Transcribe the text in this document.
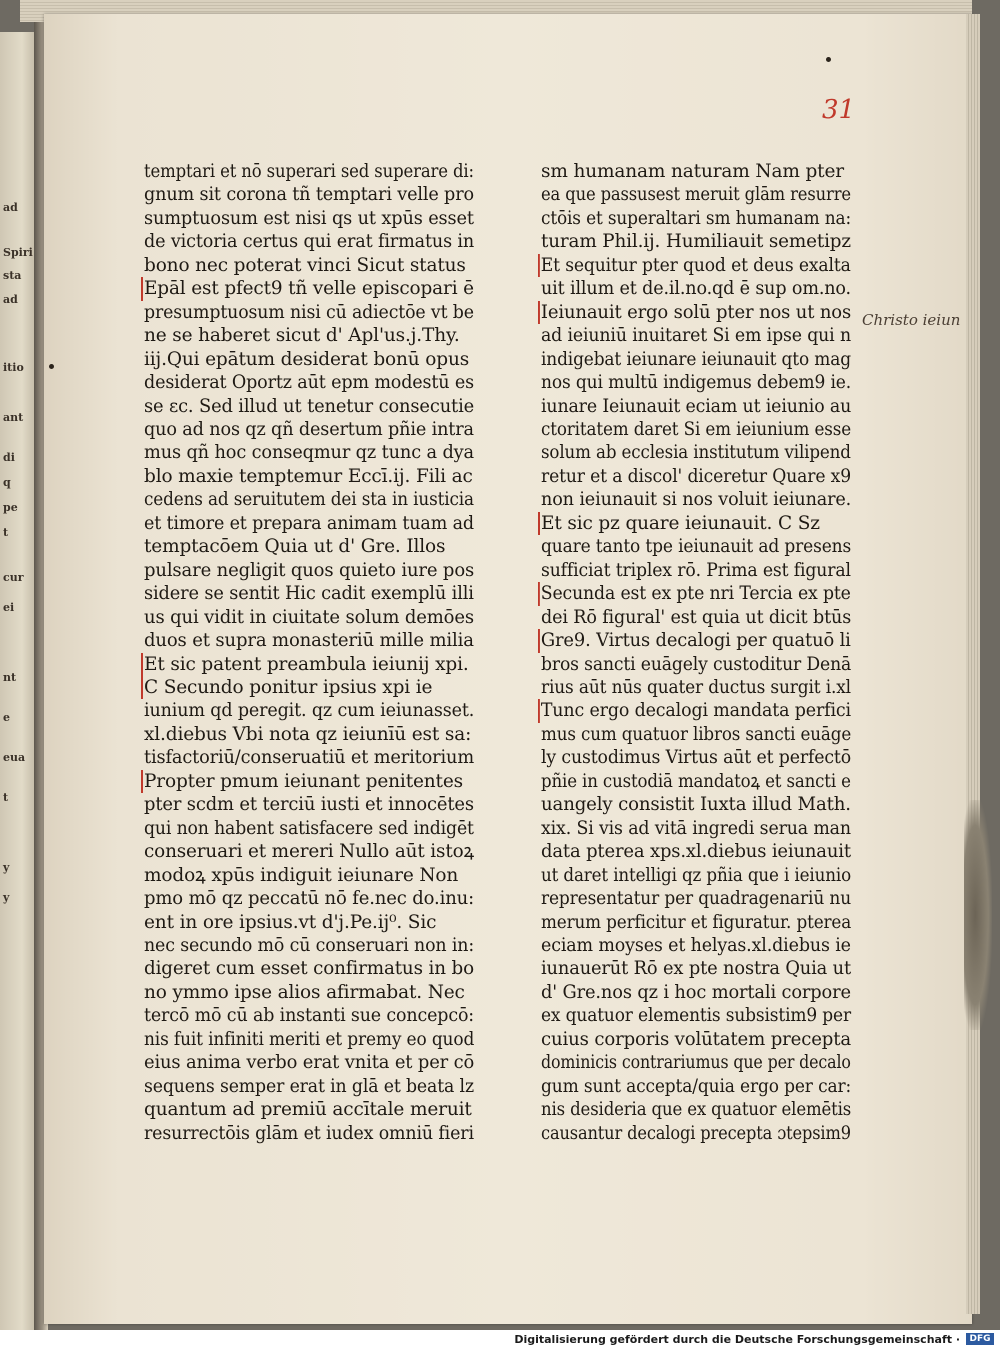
ad
Spiri
sta
ad
itio
ant
di
q
pe
t
cur
ei
nt
e
eua
t
y
y

31

temptari et nō superari sed superare di:

gnum sit corona tñ temptari velle pro

sumptuosum est nisi qs ut xpūs esset

de victoria certus qui erat firmatus in

bono nec poterat vinci Sicut status

Epāl est pfect9 tñ velle episcopari ē

presumptuosum nisi cū adiectōe vt be

ne se haberet sicut d' Apl'us.j.Thy.

iij.Qui epātum desiderat bonū opus

desiderat Oportz aūt epm modestū es

se ɛc. Sed illud ut tenetur consecutie

quo ad nos qz qñ desertum pñie intra

mus qñ hoc conseqmur qz tunc a dya

blo maxie temptemur Eccī.ij. Fili ac

cedens ad seruitutem dei sta in iusticia

et timore et prepara animam tuam ad

temptacōem Quia ut d' Gre. Illos

pulsare negligit quos quieto iure pos

sidere se sentit Hic cadit exemplū illi

us qui vidit in ciuitate solum demōes

duos et supra monasteriū mille milia

Et sic patent preambula ieiunij xpi.

C Secundo ponitur ipsius xpi ie

iunium qd peregit. qz cum ieiunasset.

xl.diebus Vbi nota qz ieiunīū est sa:

tisfactoriū/conseruatiū et meritorium

Propter pmum ieiunant penitentes

pter scdm et terciū iusti et innocētes

qui non habent satisfacere sed indigēt

conseruari et mereri Nullo aūt istoꝝ

modoꝝ xpūs indiguit ieiunare Non

pmo mō qz peccatū nō fe.nec do.inu:

ent in ore ipsius.vt d'j.Pe.ij⁰. Sic

nec secundo mō cū conseruari non in:

digeret cum esset confirmatus in bo

no ymmo ipse alios afirmabat. Nec

tercō mō cū ab instanti sue concepcō:

nis fuit infiniti meriti et premy eo quod

eius anima verbo erat vnita et per cō

sequens semper erat in glā et beata lz

quantum ad premiū accītale meruit

resurrectōis glām et iudex omniū fieri

sm humanam naturam Nam pter

ea que passusest meruit glām resurre

ctōis et superaltari sm humanam na:

turam Phil.ij. Humiliauit semetipz

Et sequitur pter quod et deus exalta

uit illum et de.il.no.qd ē sup om.no.

Ieiunauit ergo solū pter nos ut nos

ad ieiuniū inuitaret Si em ipse qui n

indigebat ieiunare ieiunauit qto mag

nos qui multū indigemus debem9 ie.

iunare Ieiunauit eciam ut ieiunio au

ctoritatem daret Si em ieiunium esse

solum ab ecclesia institutum vilipend

retur et a discol' diceretur Quare x9

non ieiunauit si nos voluit ieiunare.

Et sic pz quare ieiunauit. C Sz

quare tanto tpe ieiunauit ad presens

sufficiat triplex rō. Prima est figural

Secunda est ex pte nri Tercia ex pte

dei Rō figural' est quia ut dicit btūs

Gre9. Virtus decalogi per quatuō li

bros sancti euāgely custoditur Denā

rius aūt nūs quater ductus surgit i.xl

Tunc ergo decalogi mandata perfici

mus cum quatuor libros sancti euāge

ly custodimus Virtus aūt et perfectō

pñie in custodiā mandatoꝝ et sancti e

uangely consistit Iuxta illud Math.

xix. Si vis ad vitā ingredi serua man

data pterea xps.xl.diebus ieiunauit

ut daret intelligi qz pñia que i ieiunio

representatur per quadragenariū nu

merum perficitur et figuratur. pterea

eciam moyses et helyas.xl.diebus ie

iunauerūt Rō ex pte nostra Quia ut

d' Gre.nos qz i hoc mortali corpore

ex quatuor elementis subsistim9 per

cuius corporis volūtatem precepta

dominicis contrariumus que per decalo

gum sunt accepta/quia ergo per car:

nis desideria que ex quatuor elemētis

causantur decalogi precepta ɔtepsim9

Christo ieiun

Digitalisierung gefördert durch die Deutsche Forschungsgemeinschaft ·	DFG
